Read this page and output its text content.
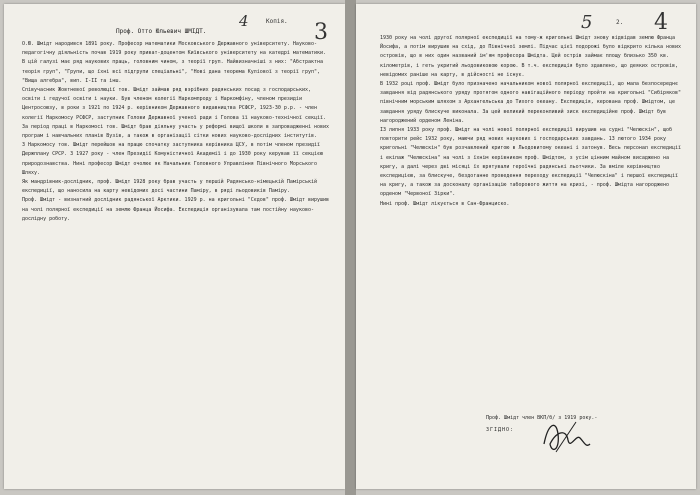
4	Копія. 3
Проф. Отто Юльевич ШМІДТ.
О.Ю. Шмідт народився 1891 року. Професор математики Московського Державного університету. Науково-педагогічну діяльність почав 1919 року приват-доцентом Київського університету на катедрі математики.
В цій галузі має ряд наукових праць, головним чином, з теорії груп. Найвизначніші з них: "Абстрактна теорія груп", "Групи, що їхні всі підгрупи спеціальні", "Нові дана теорема Куліової з теорії груп", "Вища алгебра", вип. І-ІІ та інш.
Співучасник Жовтневої революції тов. Шмідт займав ряд вэрібних радянських посад з господарських, освіти і гедучої освіти і науки. Був членом колегії Наркомпроду і Наркомфіну, членом президіи Центросоюзу, в роки з 1921 по 1924 р. керівником Державного видавництва РСФСР, 1923-30 р.р. - член колегії Наркомосу РСФСР, заступник Голови Державної ученої ради і Голова її науково-технічної секції.
За період праці в Наркомосі тов. Шмідт брав діяльну участь у реформі вищої школи в запровадженні нових програм і навчальних планів Вузів, а також в організації сітки нових науково-дослідних інститутів.
З Наркомосу тов. Шмідт перейшов на працю спочатку заступника керівника ЦСУ, в потім членом президії Держплану СРСР. З 1927 року - член Президії Комуністичної Академії і до 1930 року керував її секцією природознавства. Нині професор Шмідт очолює як Начальник Головного Управління Північного Морського Шляху.
Як мандрівник-дослідник, проф. Шмідт 1928 року брав участь у першій Радянсько-німецькій Памірській експедиції, що наносила на карту невідомих досі частини Паміру, в ряді льодовиків Паміру.
Проф. Шмідт - визнатний дослідник радянської Арктики. 1929 р. на кригольні "Сєдов" проф. Шмідт вирушив на чолі полярної експедиції на землю Франца Йосифа. Експедиція організувала там постійну науково-дослідну роботу.
5	2. 4
1930 року на чолі другої полярної експедиції на тому-ж кригольні Шмідт знову відвідав землю Франца Йосифа, а потім вирушив на схід, до Північної землі. Підчас цієї подорожі було відкрито кілька нових островів, що в них один названий ім'ям професора Шмідта. Цей острів займає площу близько 350 кв. кілометрів, і геть укритий льодовиковою корою. В т.ч. експедиція було здавлено, що деяких островів, невідомих раніше на карту, в дійсності не існує.
В 1932 році проф. Шмідт було призначено начальником нової полярної експедиції, що мала безпосереднє завдання від радянського уряду протягом одного навігаційного періоду пройти на кригольні "Сибіряков" північним морським шляхом з Архангельська до Тихого океану. Експедиція, керована проф. Шмідтом, це завдання уряду блискуче виконала. За цей великий переконливий зиск експедиційне проф. Шмідт був нагороджений орденом Леніна.
ІЗ липня 1933 року проф. Шмідт на чолі нової полярної експедиції вирушив на судні "Челюскін", щоб повторити рейс 1932 року, маючи ряд нових наукових і господарських завдань. 13 лютого 1934 року кригольні "Челюскін" був розчавлений кригою в Льодовитому океані і затонув. Весь персонал експедиції і екіпаж "Челюскіна" на чолі з їхнім керівником проф. Шмідтом, з усім цінним майном висаджено на кригу, а далі через дві місяці їх врятували героїчні радянські льотчики. За вміле керівництво експедицією, за блискуче, бездоганне проведення переходу експедиції "Челюскіна" і першої експедиції на кригу, а також за досконалу організацію таборового життя на кризі, - проф. Шмідта нагороджено орденом "Червоної Зірки".
Нині проф. Шмідт лікується в Сан-Франциско.
Проф. Шмідт член ВКП/б/ з 1919 року.-
ЗГІДНО:
